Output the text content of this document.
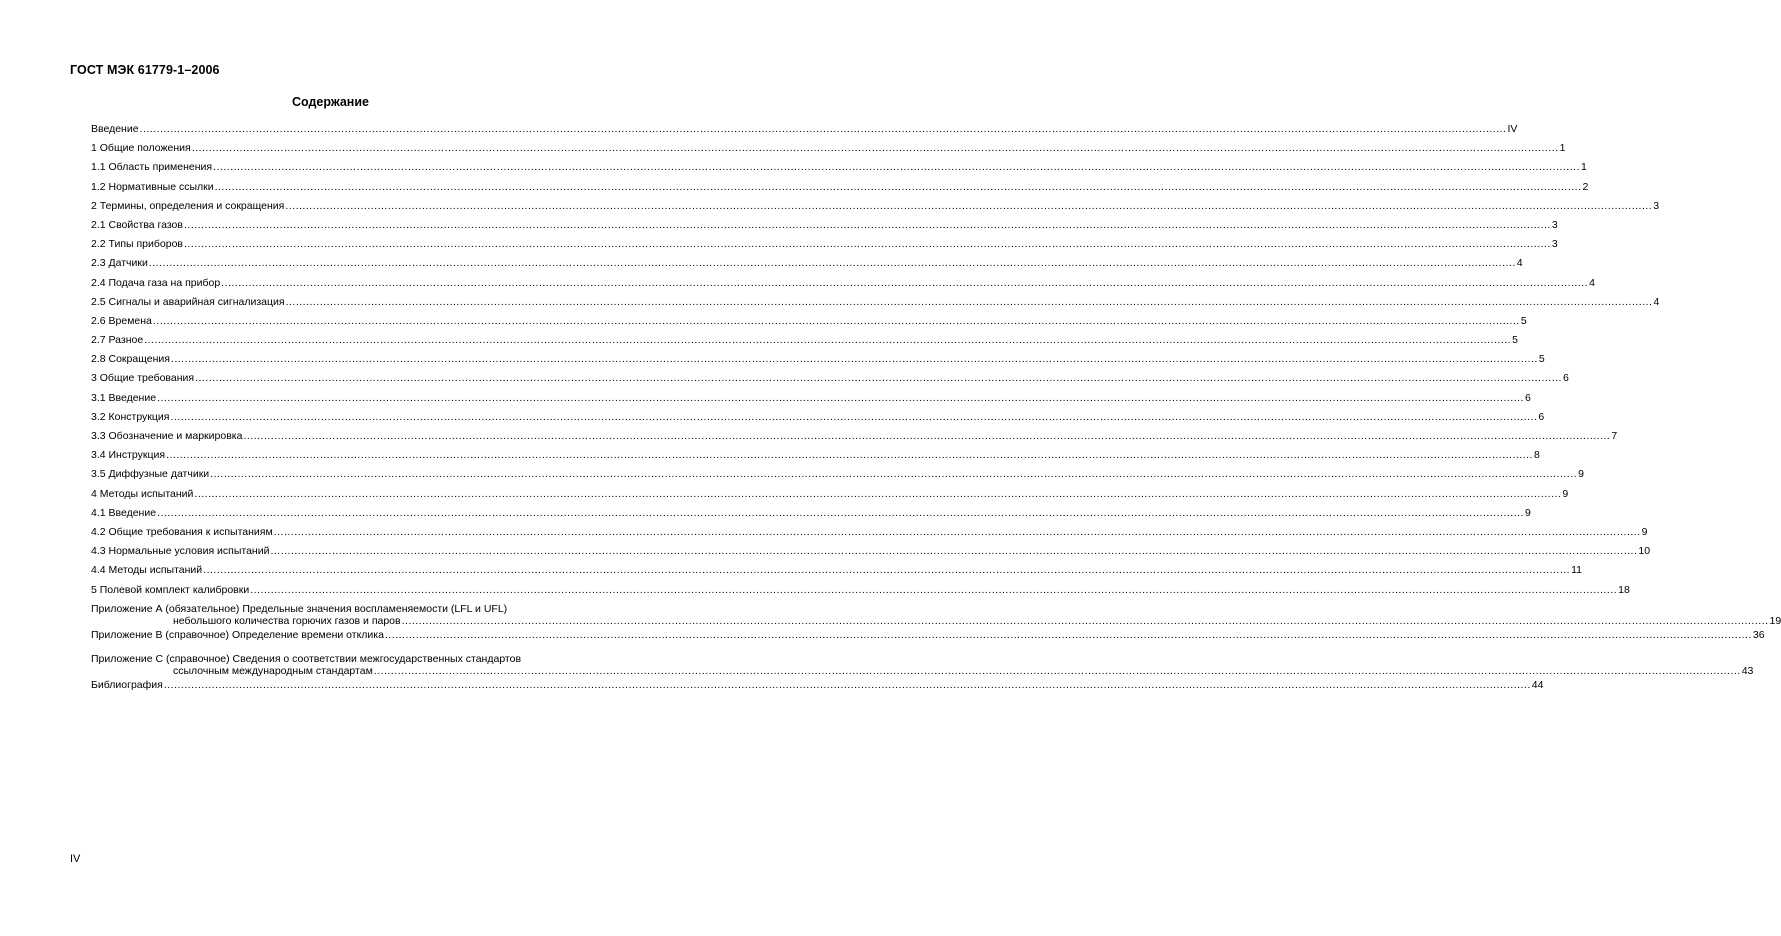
ГОСТ МЭК 61779-1–2006
Содержание
Введение ................................................................................................................................................................................................................................................................................................................................................................................................................ IV
1 Общие положения ................................................................................................................................................................................................................................................................................................................................................................................................................ 1
1.1 Область применения ................................................................................................................................................................................................................................................................................................................................................................................................................ 1
1.2 Нормативные ссылки ................................................................................................................................................................................................................................................................................................................................................................................................................ 2
2 Термины, определения и сокращения ................................................................................................................................................................................................................................................................................................................................................................................................................ 3
2.1 Свойства газов ................................................................................................................................................................................................................................................................................................................................................................................................................ 3
2.2 Типы приборов ................................................................................................................................................................................................................................................................................................................................................................................................................ 3
2.3 Датчики ................................................................................................................................................................................................................................................................................................................................................................................................................ 4
2.4 Подача газа на прибор ................................................................................................................................................................................................................................................................................................................................................................................................................ 4
2.5 Сигналы и аварийная сигнализация ................................................................................................................................................................................................................................................................................................................................................................................................................ 4
2.6 Времена ................................................................................................................................................................................................................................................................................................................................................................................................................ 5
2.7 Разное ................................................................................................................................................................................................................................................................................................................................................................................................................ 5
2.8 Сокращения ................................................................................................................................................................................................................................................................................................................................................................................................................ 5
3 Общие требования ................................................................................................................................................................................................................................................................................................................................................................................................................ 6
3.1 Введение ................................................................................................................................................................................................................................................................................................................................................................................................................ 6
3.2 Конструкция ................................................................................................................................................................................................................................................................................................................................................................................................................ 6
3.3 Обозначение и маркировка ................................................................................................................................................................................................................................................................................................................................................................................................................ 7
3.4 Инструкция ................................................................................................................................................................................................................................................................................................................................................................................................................ 8
3.5 Диффузные датчики ................................................................................................................................................................................................................................................................................................................................................................................................................ 9
4 Методы испытаний ................................................................................................................................................................................................................................................................................................................................................................................................................ 9
4.1 Введение ................................................................................................................................................................................................................................................................................................................................................................................................................ 9
4.2 Общие требования к испытаниям ................................................................................................................................................................................................................................................................................................................................................................................................................ 9
4.3 Нормальные условия испытаний ................................................................................................................................................................................................................................................................................................................................................................................................................ 10
4.4 Методы испытаний ................................................................................................................................................................................................................................................................................................................................................................................................................ 11
5 Полевой комплект калибровки ................................................................................................................................................................................................................................................................................................................................................................................................................ 18
Приложение А (обязательное) Предельные значения воспламеняемости (LFL и UFL)
небольшого количества горючих газов и паров ................................................................................................................................................................................................................................................................................................................................................................................................................ 19
Приложение В (справочное) Определение времени отклика ................................................................................................................................................................................................................................................................................................................................................................................................................ 36
Приложение С (справочное) Сведения о соответствии межгосударственных стандартов
ссылочным международным стандартам ................................................................................................................................................................................................................................................................................................................................................................................................................ 43
Библиография ................................................................................................................................................................................................................................................................................................................................................................................................................ 44
IV
